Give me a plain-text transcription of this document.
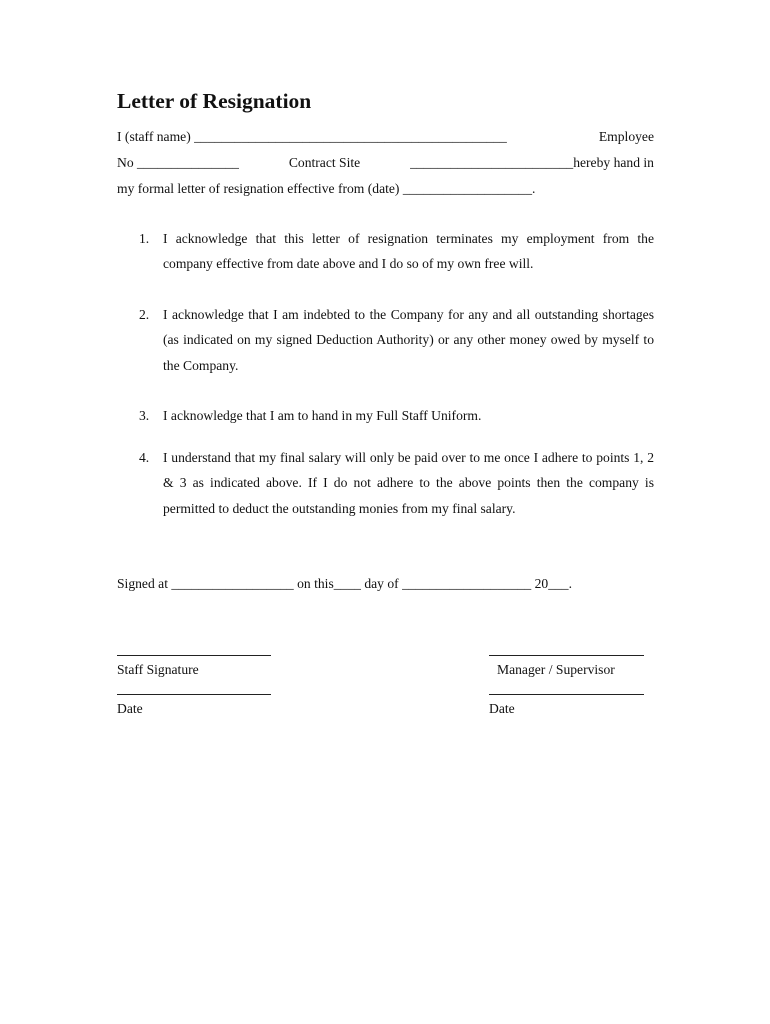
Letter of Resignation
I (staff name) ______________________________________________	Employee
No _______________	Contract Site	________________________hereby hand in
my formal letter of resignation effective from (date) ___________________.
1. I acknowledge that this letter of resignation terminates my employment from the company effective from date above and I do so of my own free will.
2. I acknowledge that I am indebted to the Company for any and all outstanding shortages (as indicated on my signed Deduction Authority) or any other money owed by myself to the Company.
3. I acknowledge that I am to hand in my Full Staff Uniform.
4. I understand that my final salary will only be paid over to me once I adhere to points 1, 2 & 3 as indicated above. If I do not adhere to the above points then the company is permitted to deduct the outstanding monies from my final salary.
Signed at __________________ on this____ day of ___________________ 20___.
Staff Signature	Manager / Supervisor
Date	Date
